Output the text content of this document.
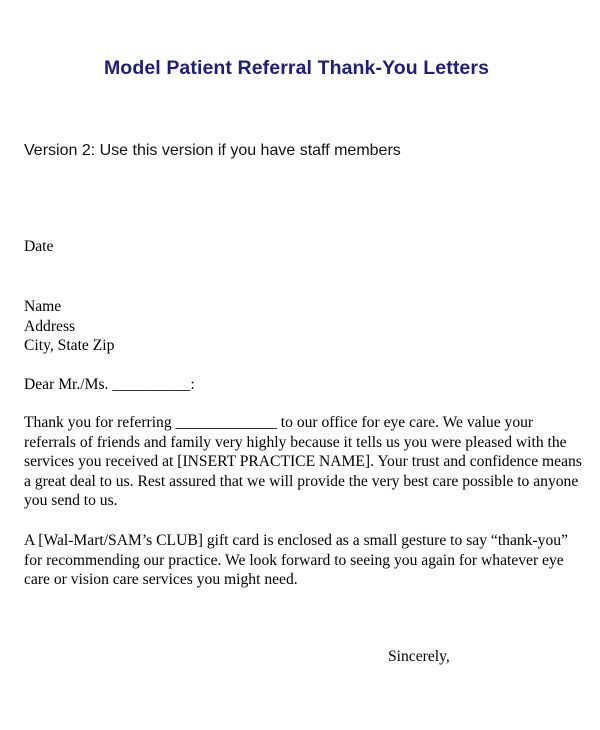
Model Patient Referral Thank-You Letters
Version 2: Use this version if you have staff members
Date
Name
Address
City, State Zip
Dear Mr./Ms. __________:
Thank you for referring _____________ to our office for eye care. We value your
referrals of friends and family very highly because it tells us you were pleased with the
services you received at [INSERT PRACTICE NAME]. Your trust and confidence means
a great deal to us. Rest assured that we will provide the very best care possible to anyone
you send to us.
A [Wal-Mart/SAM’s CLUB] gift card is enclosed as a small gesture to say “thank-you”
for recommending our practice. We look forward to seeing you again for whatever eye
care or vision care services you might need.
Sincerely,
